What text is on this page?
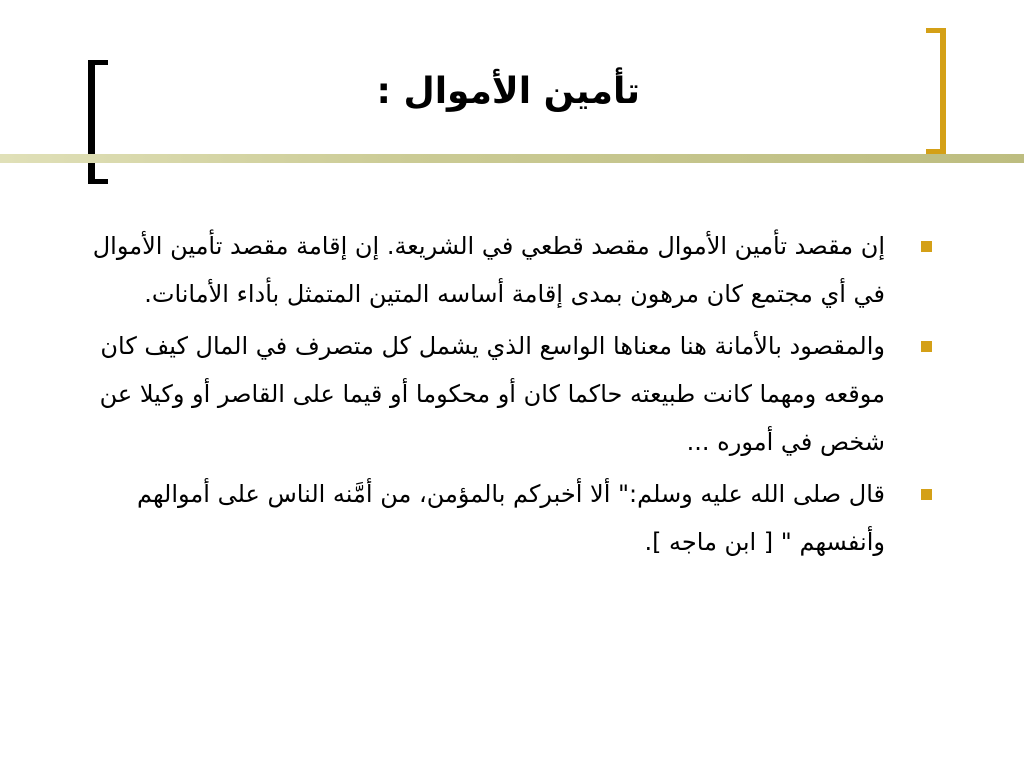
تأمين الأموال :
إن مقصد تأمين الأموال مقصد قطعي في الشريعة. إن إقامة مقصد تأمين الأموال في أي مجتمع كان مرهون بمدى إقامة أساسه المتين المتمثل بأداء الأمانات.
والمقصود بالأمانة هنا معناها الواسع الذي يشمل كل متصرف في المال كيف كان موقعه ومهما كانت طبيعته حاكما كان أو محكوما أو قيما على القاصر أو وكيلا عن شخص في أموره ...
قال صلى الله عليه وسلم:" ألا أخبركم بالمؤمن، من أمَّنه الناس على أموالهم وأنفسهم " [ ابن ماجه ].
